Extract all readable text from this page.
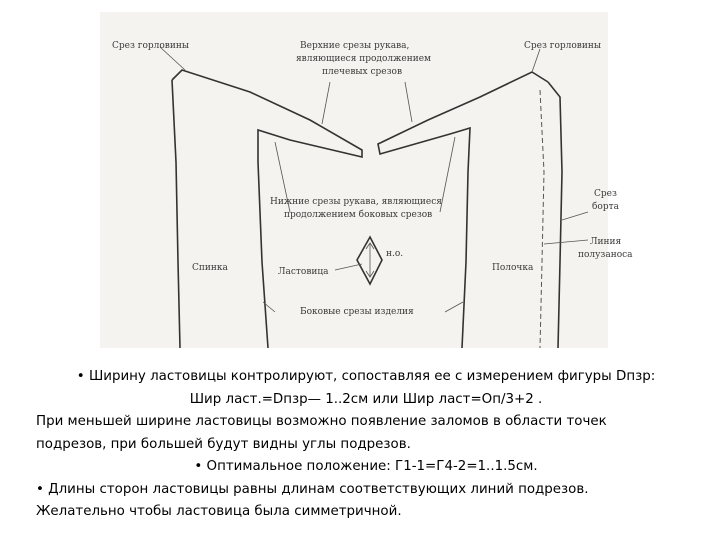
Срез горловины	Срез горловины
Верхние срезы рукава,
являющиеся продолжением
плечевых срезов
Нижние срезы рукава, являющиеся
продолжением боковых срезов
Срез
борта
Линия
полузаноса
Спинка	Ластовица
н.о.
Полочка
Боковые срезы изделия
• Ширину ластовицы контролируют, сопоставляя ее с измерением фигуры Dпзр:
Шир ласт.=Dпзр— 1..2см или Шир ласт=Оп/3+2 .
При меньшей ширине ластовицы возможно появление заломов в области точек
подрезов, при большей будут видны углы подрезов.
• Оптимальное положение: Г1-1=Г4-2=1..1.5см.
• Длины сторон ластовицы равны длинам соответствующих линий подрезов.
Желательно чтобы ластовица была симметричной.
